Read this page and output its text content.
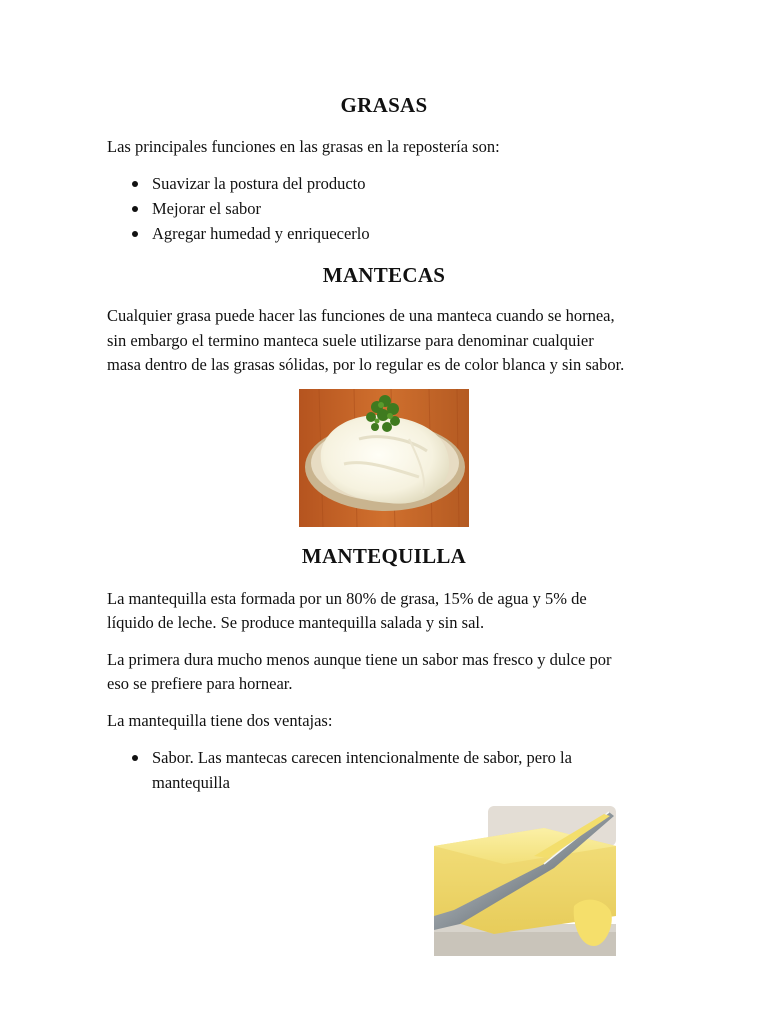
GRASAS

Las principales funciones en las grasas en la repostería son:

Suavizar la postura del producto
Mejorar el sabor
Agregar humedad y enriquecerlo
MANTECAS

Cualquier grasa puede hacer las funciones de una manteca cuando se hornea,

sin embargo el termino manteca suele utilizarse para denominar cualquier

masa dentro de las grasas sólidas, por lo regular es de color blanca y sin sabor.

MANTEQUILLA

La mantequilla esta formada por un 80% de grasa, 15% de agua y 5% de

líquido de leche. Se produce mantequilla salada y sin sal.

La primera dura mucho menos aunque tiene un sabor mas fresco y dulce por

eso se prefiere para hornear.

La mantequilla tiene dos ventajas:

Sabor. Las mantecas carecen intencionalmente de sabor, pero la
mantequilla
